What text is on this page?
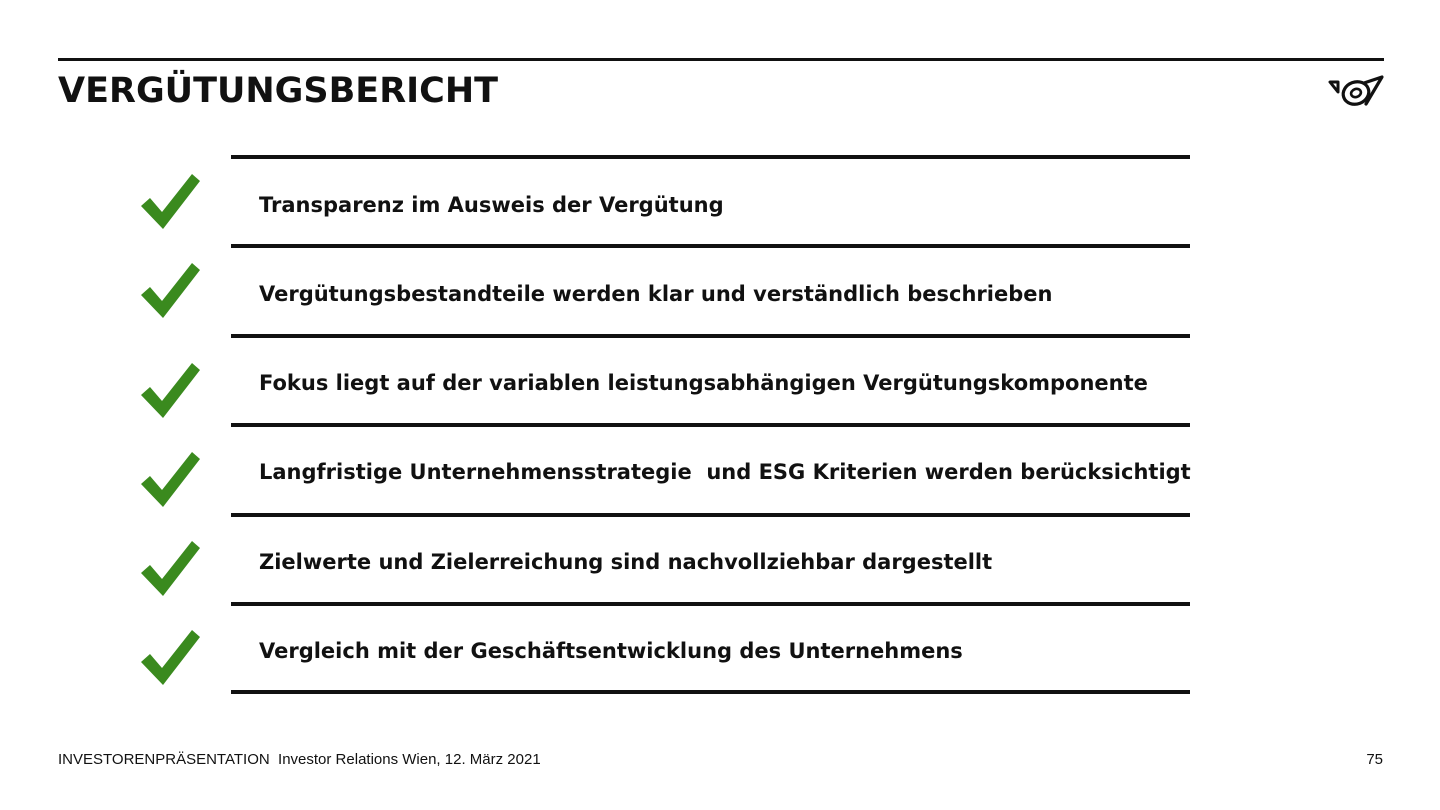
VERGÜTUNGSBERICHT
Transparenz im Ausweis der Vergütung
Vergütungsbestandteile werden klar und verständlich beschrieben
Fokus liegt auf der variablen leistungsabhängigen Vergütungskomponente
Langfristige Unternehmensstrategie  und ESG Kriterien werden berücksichtigt
Zielwerte und Zielerreichung sind nachvollziehbar dargestellt
Vergleich mit der Geschäftsentwicklung des Unternehmens
INVESTORENPRÄSENTATION  Investor Relations Wien, 12. März 2021	75
